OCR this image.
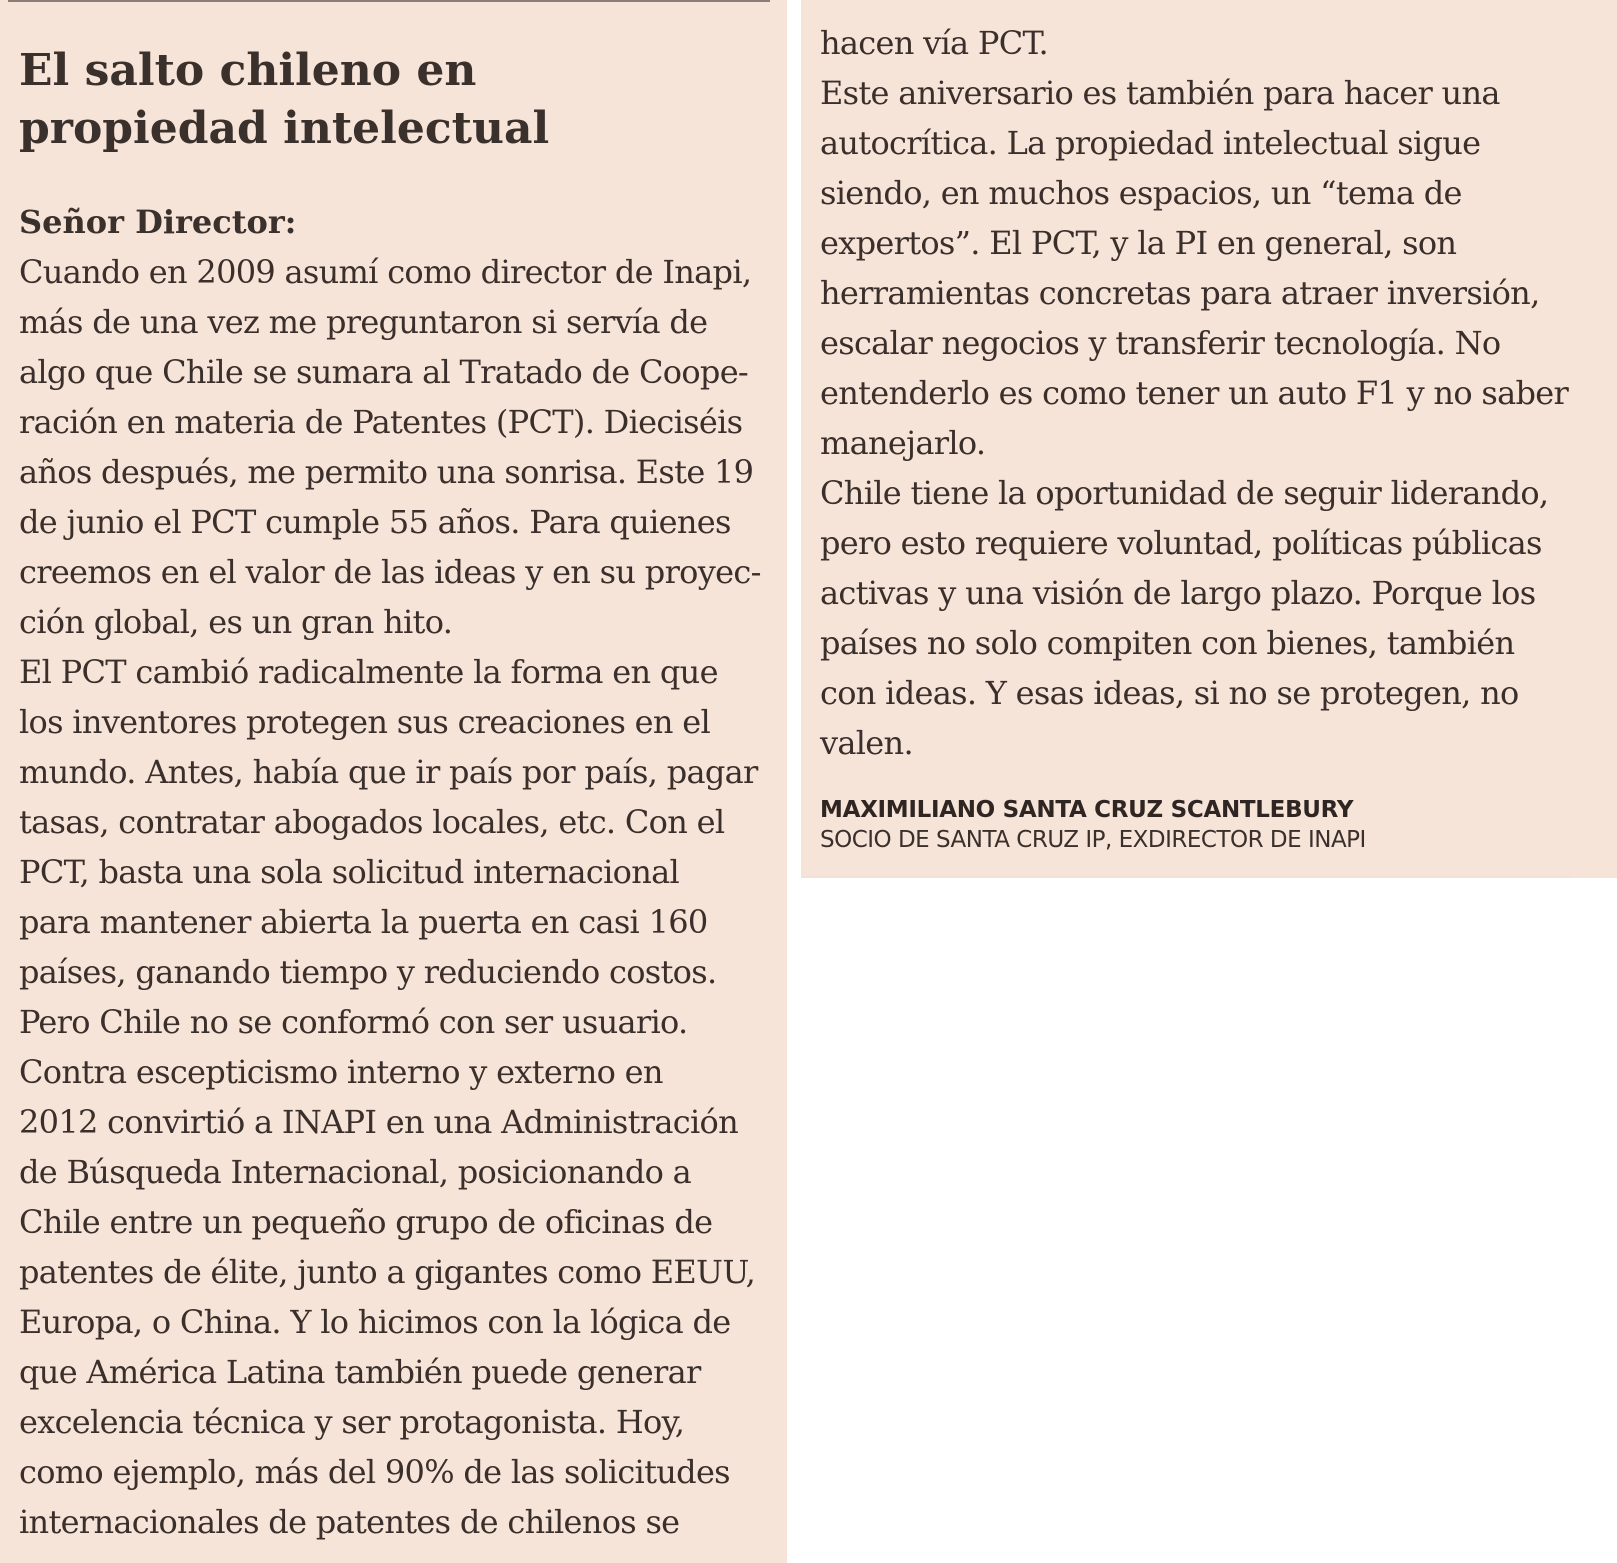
El salto chileno en propiedad intelectual
Señor Director:
Cuando en 2009 asumí como director de Inapi,
más de una vez me preguntaron si servía de
algo que Chile se sumara al Tratado de Coope-
ración en materia de Patentes (PCT). Dieciséis
años después, me permito una sonrisa. Este 19
de junio el PCT cumple 55 años. Para quienes
creemos en el valor de las ideas y en su proyec-
ción global, es un gran hito.
El PCT cambió radicalmente la forma en que
los inventores protegen sus creaciones en el
mundo. Antes, había que ir país por país, pagar
tasas, contratar abogados locales, etc. Con el
PCT, basta una sola solicitud internacional
para mantener abierta la puerta en casi 160
países, ganando tiempo y reduciendo costos.
Pero Chile no se conformó con ser usuario.
Contra escepticismo interno y externo en
2012 convirtió a INAPI en una Administración
de Búsqueda Internacional, posicionando a
Chile entre un pequeño grupo de oficinas de
patentes de élite, junto a gigantes como EEUU,
Europa, o China. Y lo hicimos con la lógica de
que América Latina también puede generar
excelencia técnica y ser protagonista. Hoy,
como ejemplo, más del 90% de las solicitudes
internacionales de patentes de chilenos se
hacen vía PCT.
Este aniversario es también para hacer una
autocrítica. La propiedad intelectual sigue
siendo, en muchos espacios, un “tema de
expertos”. El PCT, y la PI en general, son
herramientas concretas para atraer inversión,
escalar negocios y transferir tecnología. No
entenderlo es como tener un auto F1 y no saber
manejarlo.
Chile tiene la oportunidad de seguir liderando,
pero esto requiere voluntad, políticas públicas
activas y una visión de largo plazo. Porque los
países no solo compiten con bienes, también
con ideas. Y esas ideas, si no se protegen, no
valen.
MAXIMILIANO SANTA CRUZ SCANTLEBURY
SOCIO DE SANTA CRUZ IP, EXDIRECTOR DE INAPI
